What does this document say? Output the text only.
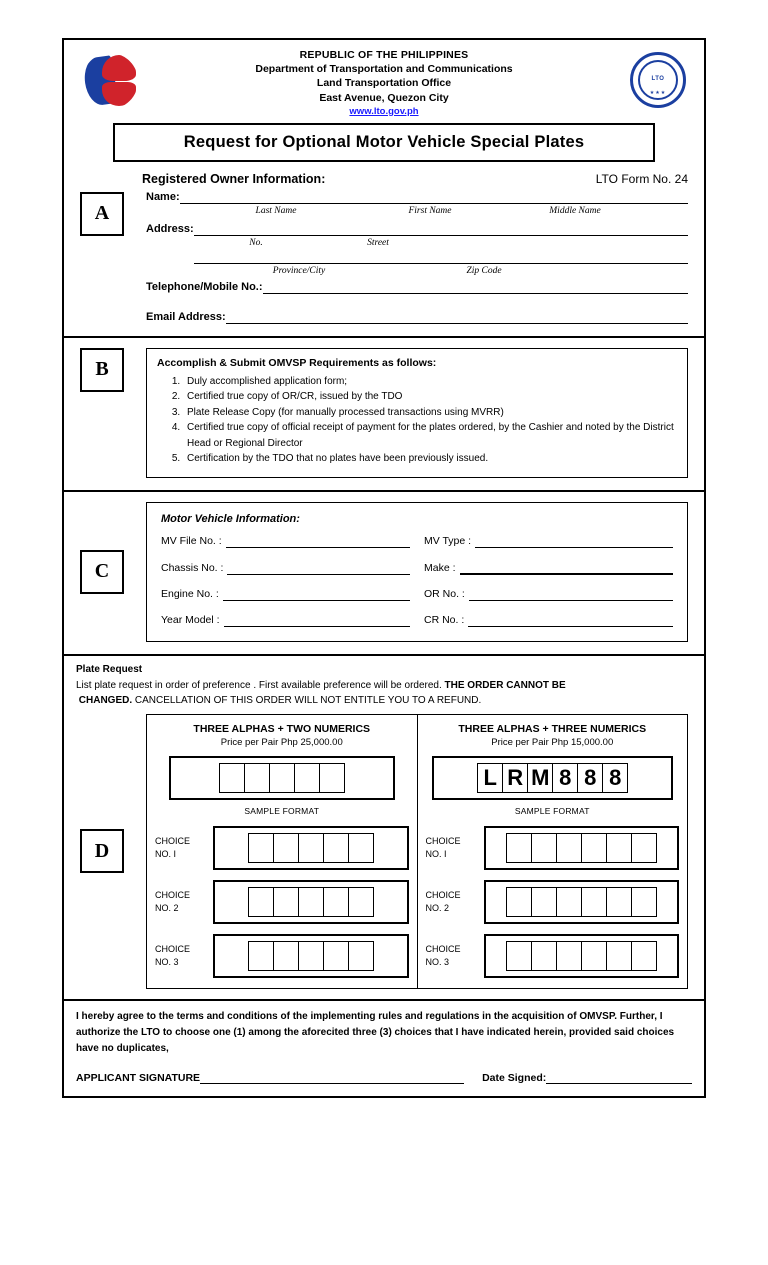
REPUBLIC OF THE PHILIPPINES
Department of Transportation and Communications
Land Transportation Office
East Avenue, Quezon City
www.lto.gov.ph
LTO
★★★
Request for Optional Motor Vehicle Special Plates
Registered Owner Information:	LTO Form No. 24
A
Name:
Last Name	First Name	Middle Name
Address:
No.	Street
Province/City	Zip Code
Telephone/Mobile No.:
Email Address:
B	Accomplish & Submit OMVSP Requirements as follows:
1. Duly accomplished application form;
2. Certified true copy of OR/CR, issued by the TDO
3. Plate Release Copy (for manually processed transactions using MVRR)
4. Certified true copy of official receipt of payment for the plates ordered, by the Cashier and noted by the District Head or Regional Director
5. Certification by the TDO that no plates have been previously issued.
C
Motor Vehicle Information:
MV File No. :	MV Type :
Chassis No. :	Make :
Engine No. :	OR No. :
Year Model :	CR No. :
Plate Request
List plate request in order of preference . First available preference will be ordered. THE ORDER CANNOT BE
CHANGED. CANCELLATION OF THIS ORDER WILL NOT ENTITLE YOU TO A REFUND.
D
THREE ALPHAS + TWO NUMERICS
Price per Pair Php 25,000.00
SAMPLE FORMAT
CHOICE
NO. I
CHOICE
NO. 2
CHOICE
NO. 3
THREE ALPHAS + THREE NUMERICS
Price per Pair Php 15,000.00
L R M 8 8 8
SAMPLE FORMAT
CHOICE
NO. I
CHOICE
NO. 2
CHOICE
NO. 3

I hereby agree to the terms and conditions of the implementing rules and regulations in the acquisition of OMVSP. Further, I authorize the LTO to choose one (1) among the aforecited three (3) choices that I have indicated herein, provided said choices have no duplicates,

APPLICANT SIGNATURE	Date Signed:
